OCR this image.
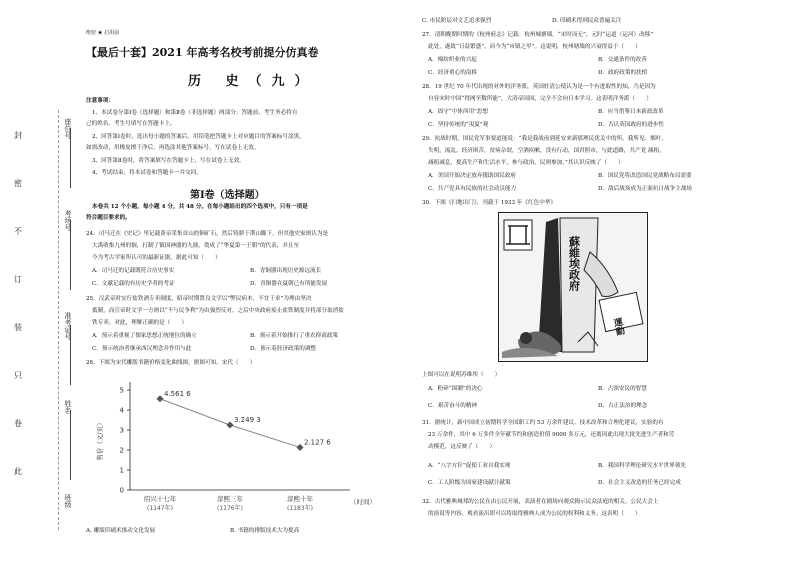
座位号
考场号
准考证号
姓名
班级
封
密
不
订
装
只
卷
此
绝密 ★ 启用前
【最后十套】2021 年高考名校考前提分仿真卷
历 史（九）
注意事项：
1、本试卷分第Ⅰ卷（选择题）和第Ⅱ卷（非选择题）两部分。答题前，考生务必将自
己的姓名、考生号填写在答题卡上。
2、回答第Ⅰ卷时，选出每小题的答案后，用铅笔把答题卡上对应题目的答案标号涂黑，
如需改动，用橡皮擦干净后，再选涂其他答案标号。写在试卷上无效。
3、回答第Ⅱ卷时，将答案填写在答题卡上，写在试卷上无效。
4、考试结束，将本试卷和答题卡一并交回。
第Ⅰ卷（选择题）
本卷共 12 个小题，每小题 4 分，共 48 分。在每小题给出的四个选项中，只有一项是
符合题目要求的。
24．司马迁在《史记》里记载黄帝采集首山的铜矿石，然后铸鼎于荆山脚下。但其他史家则认为是
大禹收集九州的铜，打制了镇国神器的九鼎，奠成了“华夏第一王朝”的代表，并且至
今为考古学家所认可的最新证据。据此可知（　　）
A．司马迁的记载既符合历史事实	B．青铜器出现历史源远流长
C．文献记载的有历史学者的考证	D．青铜器在夏朝已有所能发展
25．汉武帝时实行盐铁酒专卖制度，昭帝时期贤良文学以“弊民病本，不宜干求”为理由坚决
抵制，而宣帝时文学一方则以“不与民争利”为由强烈反对，之后中央政府废止盐铁制度并将部分取消盐
铁专卖。对此，理解正确的是（　　）
A．预示着重视了儒家思想正统地位的确立	B．预示着开始推行了重农抑商政策
C．预示统治者继承西汉理念并作用与此	D．预示着经济政策的调整
26．下图为宋代雕版书籍价格变化曲线图，据图可知，宋代（　　）
0
1
2
3
4
5
售价（文/页）
（时间）
4.561 6
绍兴十七年
(1147年)
3.249 3
淳熙三年
(1176年)
2.127 6
淳熙十年
(1183年)
A. 雕版印刷术推动文化发展	B. 书籍的排版技术大为提高
C. 市民阶层对文艺追求强烈	D. 印刷术得到民众普遍关注
27．清朝晚期时期的《杭州府志》记载：杭州城塘墙，“宋时而无”，元时“运道（运河）改移”
此处，遂致“日益繁盛”，而今为“市镇之甲”。这说明，杭州塘墙的兴衰得益于（　　）
A．棉纺织业的兴起	B．交通条件的改善
C．经济重心的南移	D．政府政策的扶植
28．19 世纪 70 年代出现的对外的洋务派，英国驻清公使认为是一个有进取性的知，乃是因为
自容宋时中国“得网至数所能”，大清帝国国，完全不会向日本学习。这表明洋务派（　　）
A．固守“中体西用”思想	B．应当借鉴日本新政改革
C．坚持传统的“夷夏”观	D．否认英国政府的进步性
29．抗战时期，国民党军事要道能说：“我是我战前到延安来新那理民优关中的所。我所见：烟叶、
失明，流乱，经济困苦，贫病杂氓，空洒疾嗽，没有行动，国君照市，与此道路，共产党 减租，
减租减息，提高生产和生活水平，参与政治，民则参加。”其认识反映了（　　）
A．美国开始决定放弃援助国民政府	B．国民党将改造国民党战略布局需要
C．共产党具有民族的社会动员能力	D．敌后战场成为正面抗日战争主战场
30．下图《扫地出门》，刊载于 1933 年《红色中华》
蘇維埃政府
運動
上图可以在说明苏维埃（　　）
A．粉碎“围剿”的决心	B．占领安民的智慧
C．艰苦奋斗的精神	D．占正法治的理念
31．据统计，新中国成立初期科学全国职工约 53 万余件建议、技术改革和合理化建议，实验的有
23 万余件，其中 6 万多件全年献节约和创造价值 9000 多万元，还离因此出现大批先进生产者和劳
动模范。这反映了（　　）
A．“八字方针”促使工业自我实现	B．我国科学理论研究水平世界领先
C．工人阶级为国家建设献计献策	D．社会主义改造的任务已经完成
32．古代雅典城邦的公民在由公民开展，表演者在剧场向观众揭示民众法庭的相关。公民大会上
的演说等内容，观看演出即可以将取得雅典人成为公民的权利和义务。这表明（　　）
